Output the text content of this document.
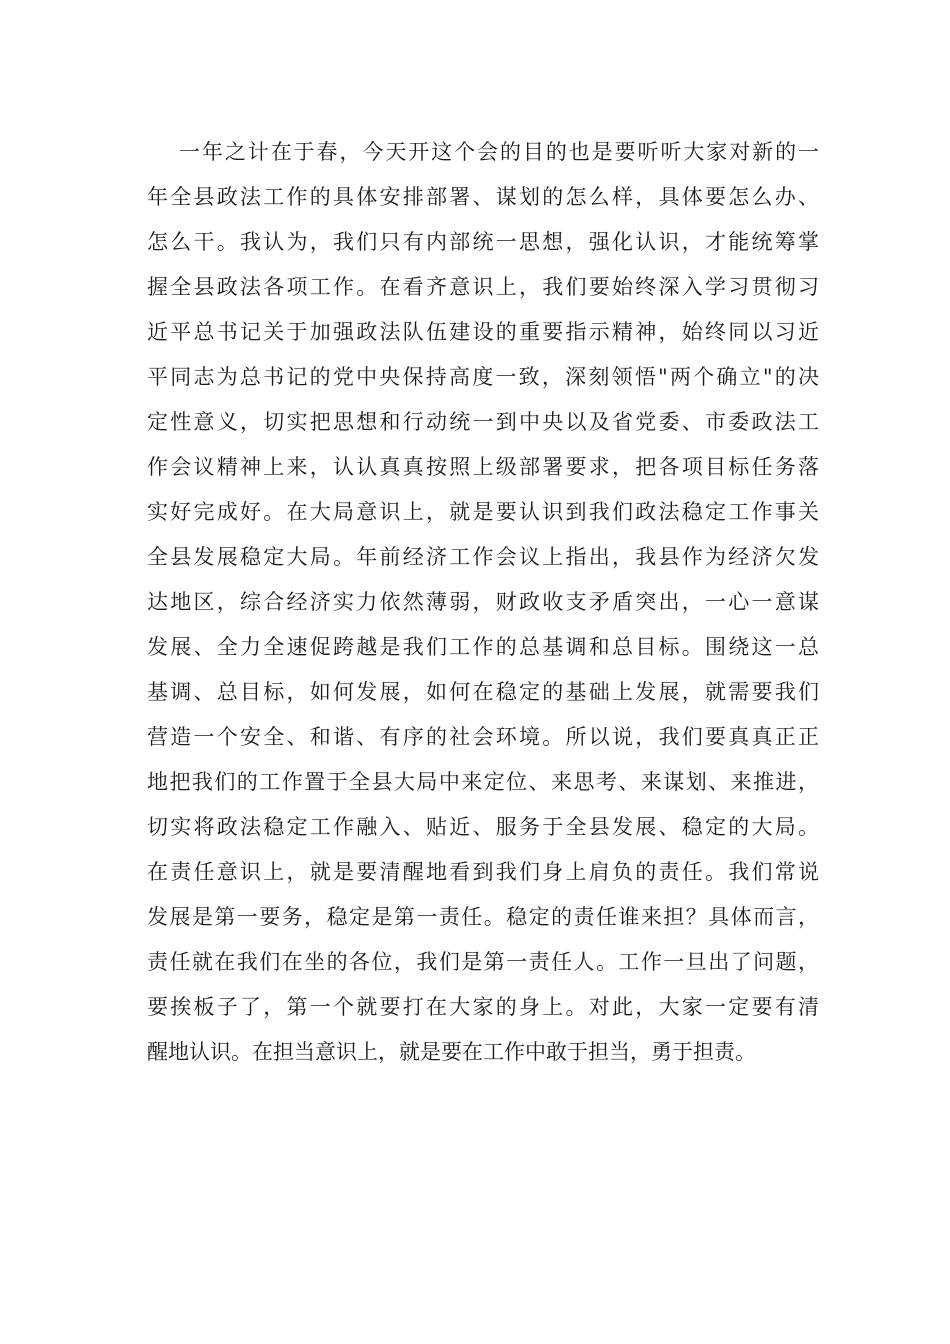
一年之计在于春，今天开这个会的目的也是要听听大家对新的一
年全县政法工作的具体安排部署、谋划的怎么样，具体要怎么办、
怎么干。我认为，我们只有内部统一思想，强化认识，才能统筹掌
握全县政法各项工作。在看齐意识上，我们要始终深入学习贯彻习
近平总书记关于加强政法队伍建设的重要指示精神，始终同以习近
平同志为总书记的党中央保持高度一致，深刻领悟"两个确立"的决
定性意义，切实把思想和行动统一到中央以及省党委、市委政法工
作会议精神上来，认认真真按照上级部署要求，把各项目标任务落
实好完成好。在大局意识上，就是要认识到我们政法稳定工作事关
全县发展稳定大局。年前经济工作会议上指出，我县作为经济欠发
达地区，综合经济实力依然薄弱，财政收支矛盾突出，一心一意谋
发展、全力全速促跨越是我们工作的总基调和总目标。围绕这一总
基调、总目标，如何发展，如何在稳定的基础上发展，就需要我们
营造一个安全、和谐、有序的社会环境。所以说，我们要真真正正
地把我们的工作置于全县大局中来定位、来思考、来谋划、来推进，
切实将政法稳定工作融入、贴近、服务于全县发展、稳定的大局。
在责任意识上，就是要清醒地看到我们身上肩负的责任。我们常说
发展是第一要务，稳定是第一责任。稳定的责任谁来担？具体而言，
责任就在我们在坐的各位，我们是第一责任人。工作一旦出了问题，
要挨板子了，第一个就要打在大家的身上。对此，大家一定要有清
醒地认识。在担当意识上，就是要在工作中敢于担当，勇于担责。
